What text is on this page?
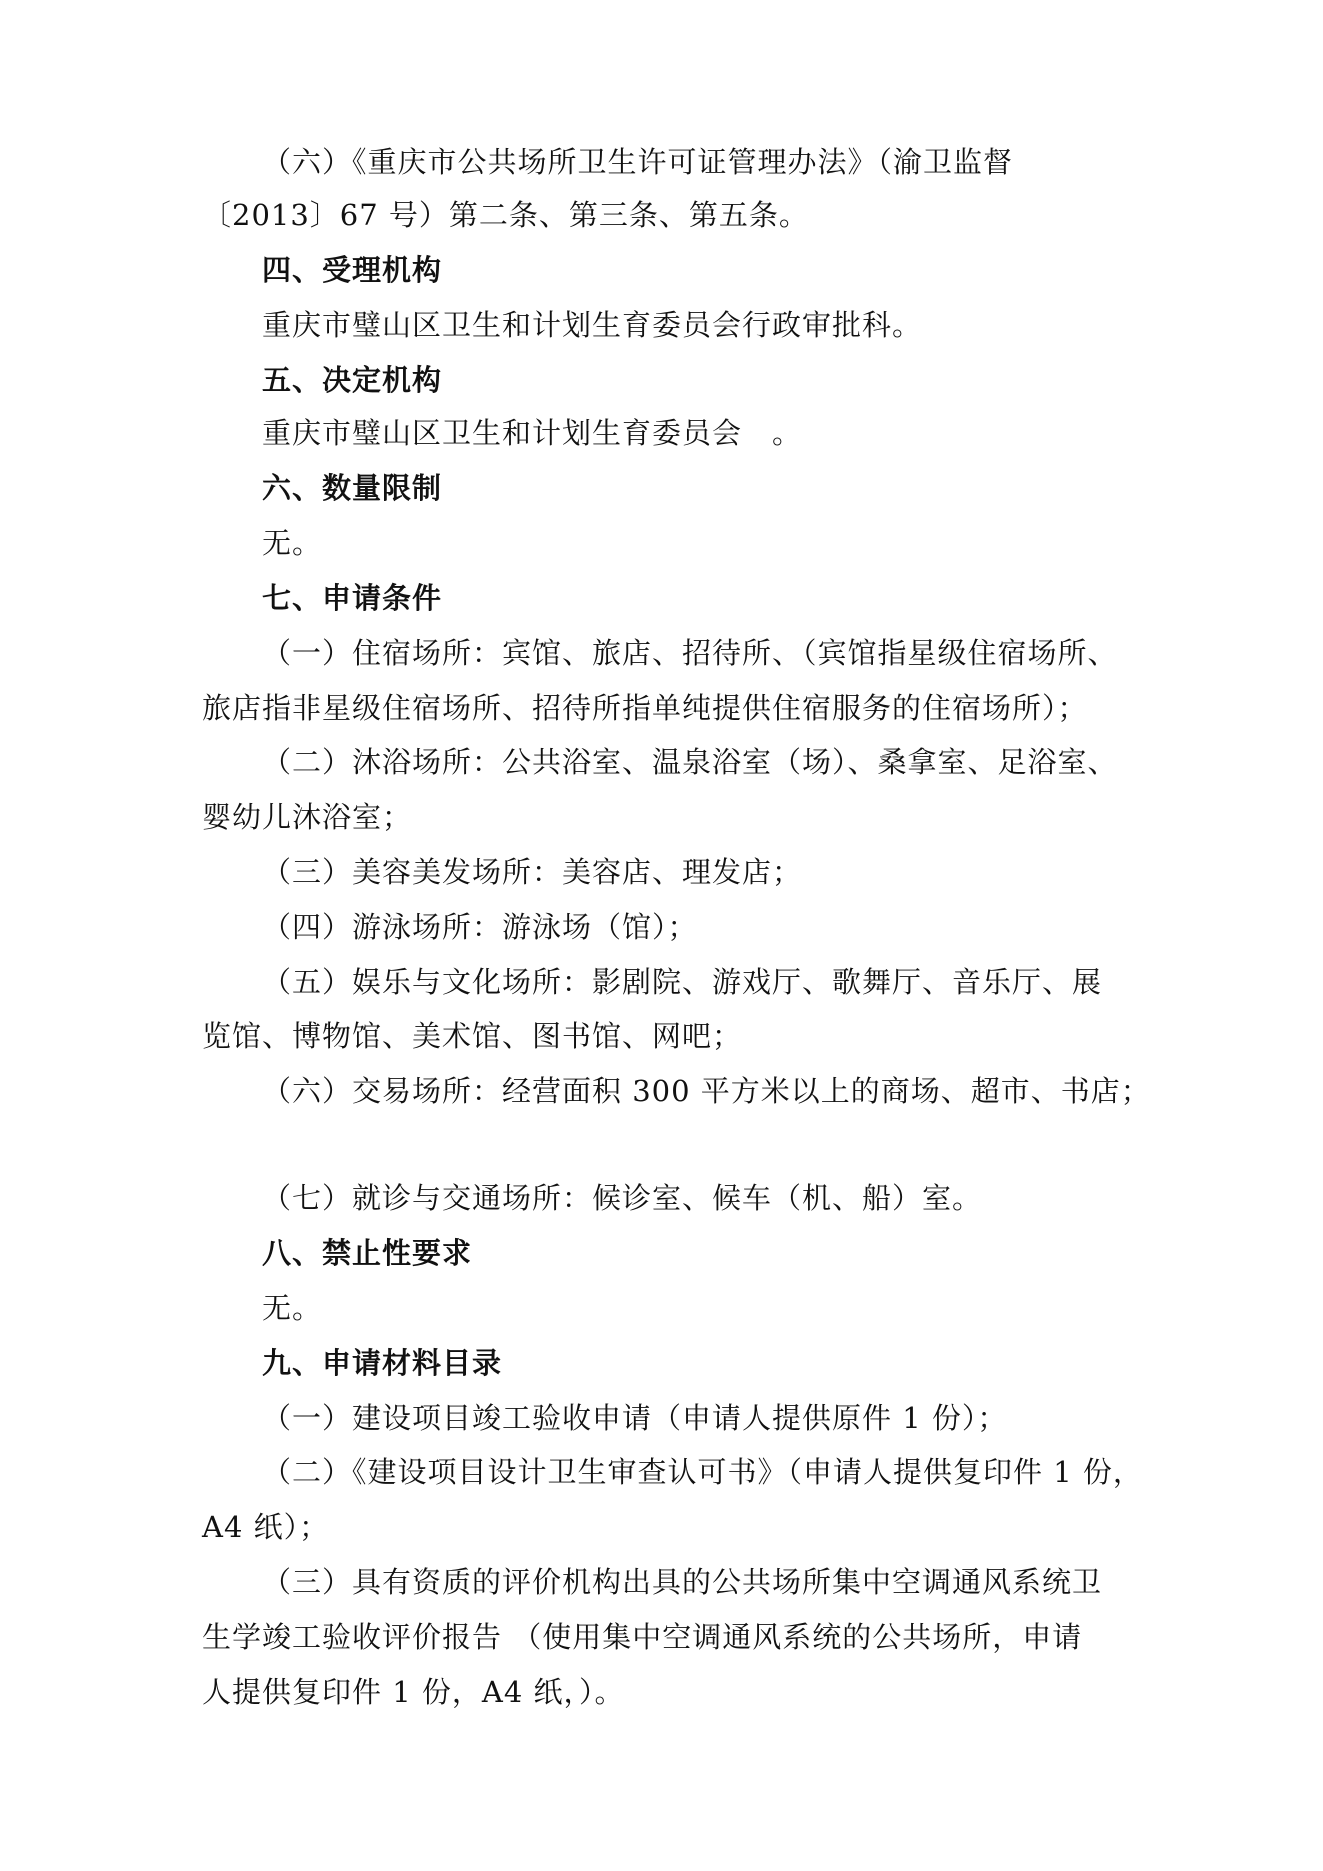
（六）《重庆市公共场所卫生许可证管理办法》（渝卫监督
〔2013〕67 号）第二条、第三条、第五条。
四、受理机构
重庆市璧山区卫生和计划生育委员会行政审批科。
五、决定机构
重庆市璧山区卫生和计划生育委员会　。
六、数量限制
无。
七、申请条件
（一）住宿场所：宾馆、旅店、招待所、（宾馆指星级住宿场所、
旅店指非星级住宿场所、招待所指单纯提供住宿服务的住宿场所）；
（二）沐浴场所：公共浴室、温泉浴室（场）、桑拿室、足浴室、
婴幼儿沐浴室；
（三）美容美发场所：美容店、理发店；
（四）游泳场所：游泳场（馆）；
（五）娱乐与文化场所：影剧院、游戏厅、歌舞厅、音乐厅、展
览馆、博物馆、美术馆、图书馆、网吧；
（六）交易场所：经营面积 300 平方米以上的商场、超市、书店；
（七）就诊与交通场所：候诊室、候车（机、船）室。
八、禁止性要求
无。
九、申请材料目录
（一）建设项目竣工验收申请（申请人提供原件 1 份）；
（二）《建设项目设计卫生审查认可书》（申请人提供复印件 1 份，
A4 纸）；
（三）具有资质的评价机构出具的公共场所集中空调通风系统卫
生学竣工验收评价报告 （使用集中空调通风系统的公共场所，申请
人提供复印件 1 份，A4 纸，）。
